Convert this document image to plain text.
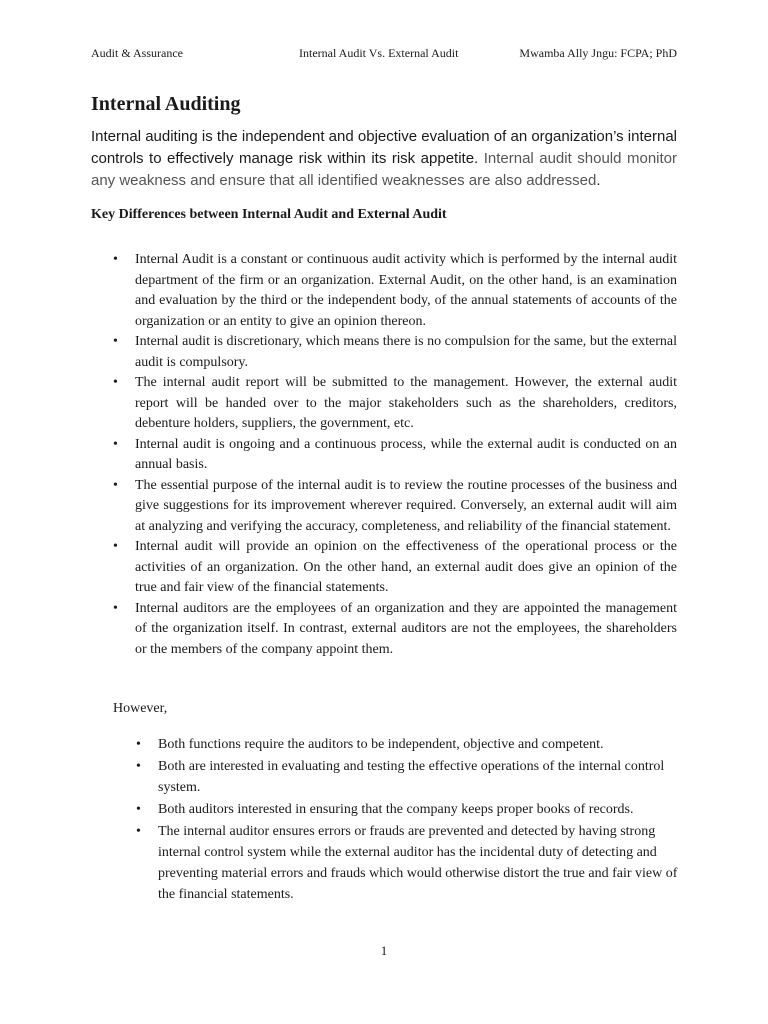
Audit & Assurance	Internal Audit Vs. External Audit	Mwamba Ally Jngu: FCPA; PhD
Internal Auditing

Internal auditing is the independent and objective evaluation of an organization’s internal controls to effectively manage risk within its risk appetite. Internal audit should monitor any weakness and ensure that all identified weaknesses are also addressed.

Key Differences between Internal Audit and External Audit
• Internal Audit is a constant or continuous audit activity which is performed by the internal audit department of the firm or an organization. External Audit, on the other hand, is an examination and evaluation by the third or the independent body, of the annual statements of accounts of the organization or an entity to give an opinion thereon.
• Internal audit is discretionary, which means there is no compulsion for the same, but the external audit is compulsory.
• The internal audit report will be submitted to the management. However, the external audit report will be handed over to the major stakeholders such as the shareholders, creditors, debenture holders, suppliers, the government, etc.
• Internal audit is ongoing and a continuous process, while the external audit is conducted on an annual basis.
• The essential purpose of the internal audit is to review the routine processes of the business and give suggestions for its improvement wherever required. Conversely, an external audit will aim at analyzing and verifying the accuracy, completeness, and reliability of the financial statement.
• Internal audit will provide an opinion on the effectiveness of the operational process or the activities of an organization. On the other hand, an external audit does give an opinion of the true and fair view of the financial statements.
• Internal auditors are the employees of an organization and they are appointed the management of the organization itself. In contrast, external auditors are not the employees, the shareholders or the members of the company appoint them.

However,

• Both functions require the auditors to be independent, objective and competent.
• Both are interested in evaluating and testing the effective operations of the internal control system.
• Both auditors interested in ensuring that the company keeps proper books of records.
• The internal auditor ensures errors or frauds are prevented and detected by having strong internal control system while the external auditor has the incidental duty of detecting and preventing material errors and frauds which would otherwise distort the true and fair view of the financial statements.
1
